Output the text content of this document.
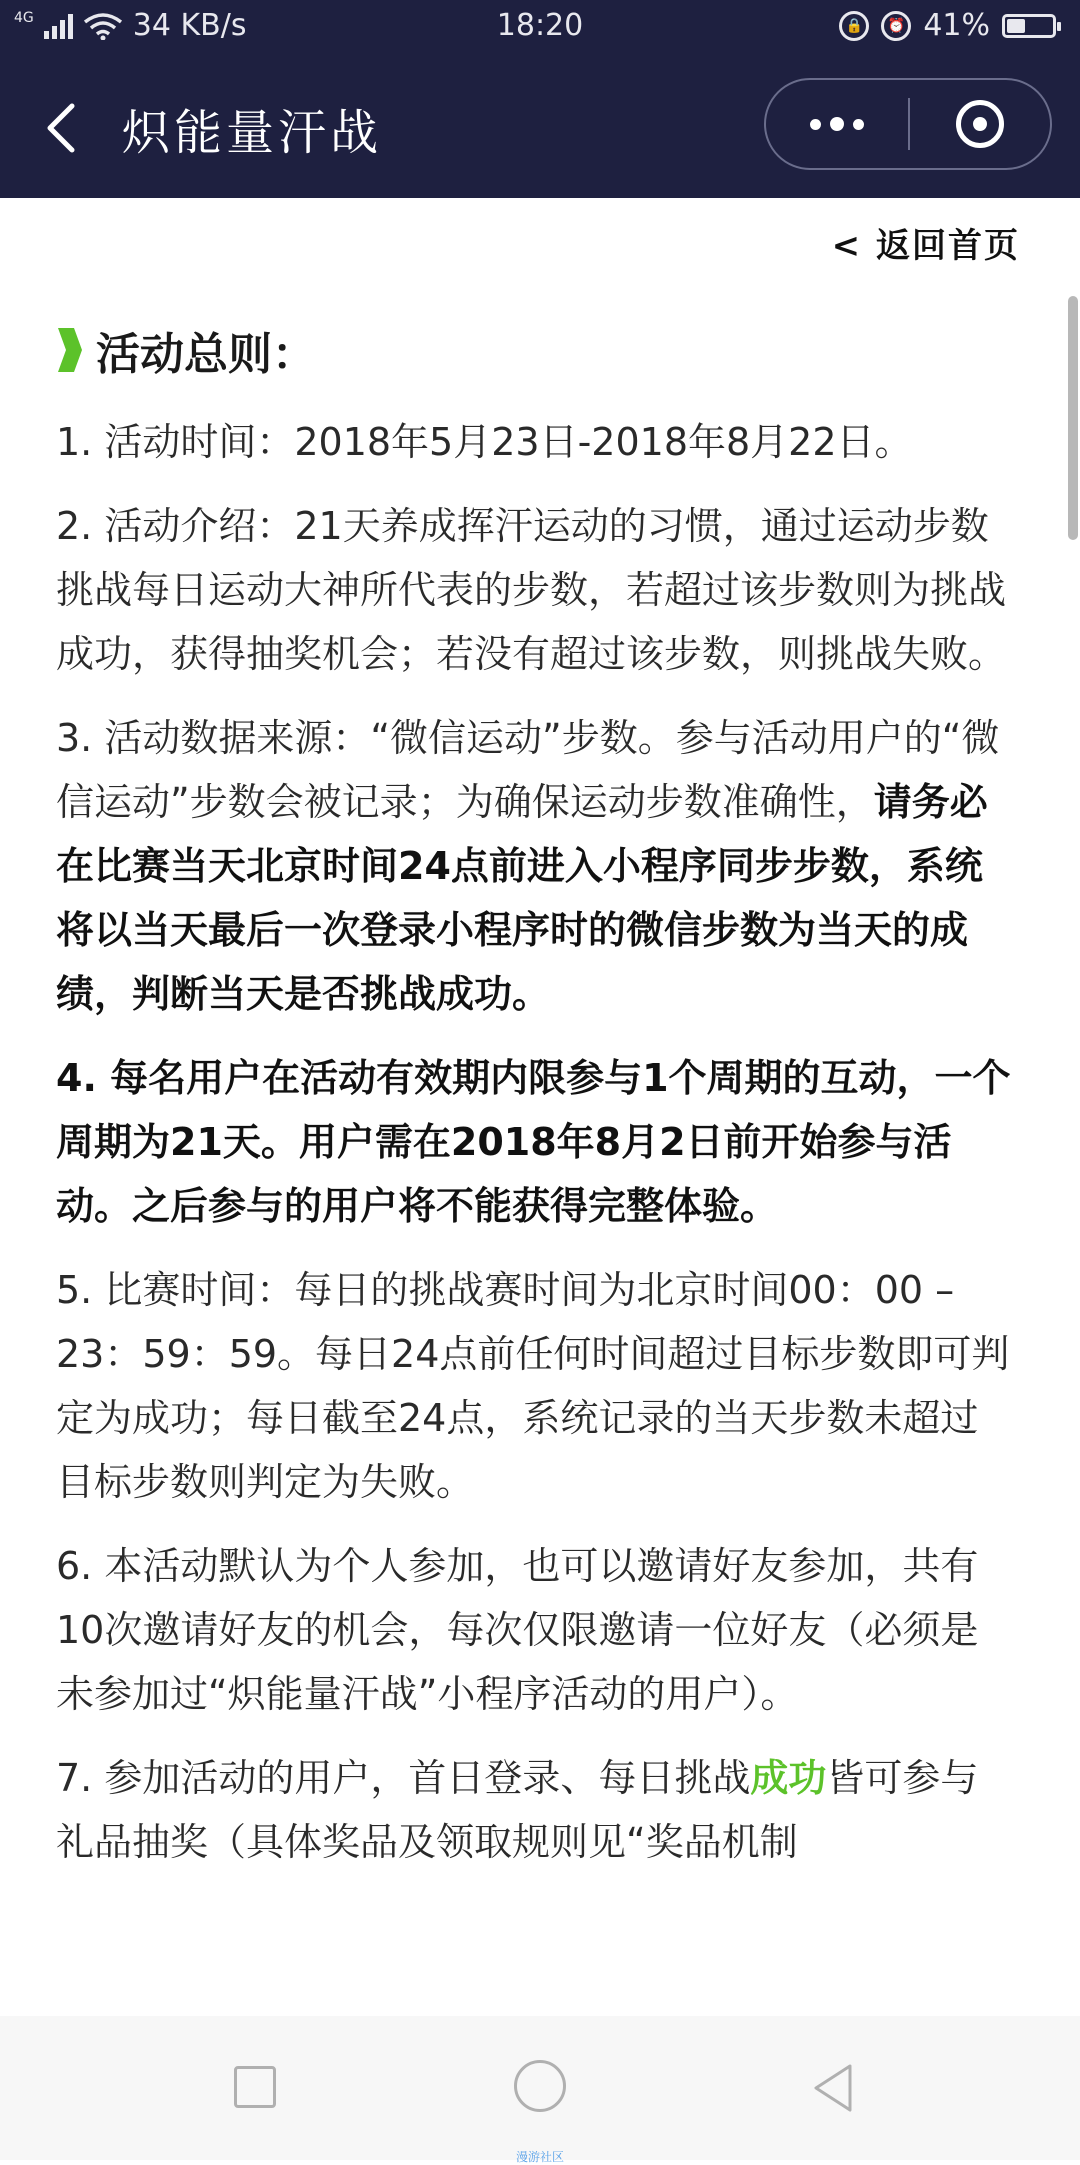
4G	34 KB/s	18:20	🔒	⏰ 41%
炽能量汗战
< 返回首页
活动总则：

1. 活动时间：2018年5月23日-2018年8月22日。

2. 活动介绍：21天养成挥汗运动的习惯，通过运动步数挑战每日运动大神所代表的步数，若超过该步数则为挑战成功，获得抽奖机会；若没有超过该步数，则挑战失败。

3. 活动数据来源：“微信运动”步数。参与活动用户的“微信运动”步数会被记录；为确保运动步数准确性，请务必在比赛当天北京时间24点前进入小程序同步步数，系统将以当天最后一次登录小程序时的微信步数为当天的成绩，判断当天是否挑战成功。

4. 每名用户在活动有效期内限参与1个周期的互动，一个周期为21天。用户需在2018年8月2日前开始参与活动。之后参与的用户将不能获得完整体验。

5. 比赛时间：每日的挑战赛时间为北京时间00：00 – 23：59：59。每日24点前任何时间超过目标步数即可判定为成功；每日截至24点，系统记录的当天步数未超过目标步数则判定为失败。

6. 本活动默认为个人参加，也可以邀请好友参加，共有10次邀请好友的机会，每次仅限邀请一位好友（必须是未参加过“炽能量汗战”小程序活动的用户）。

7. 参加活动的用户，首日登录、每日挑战成功皆可参与礼品抽奖（具体奖品及领取规则见“奖品机制

漫游社区
